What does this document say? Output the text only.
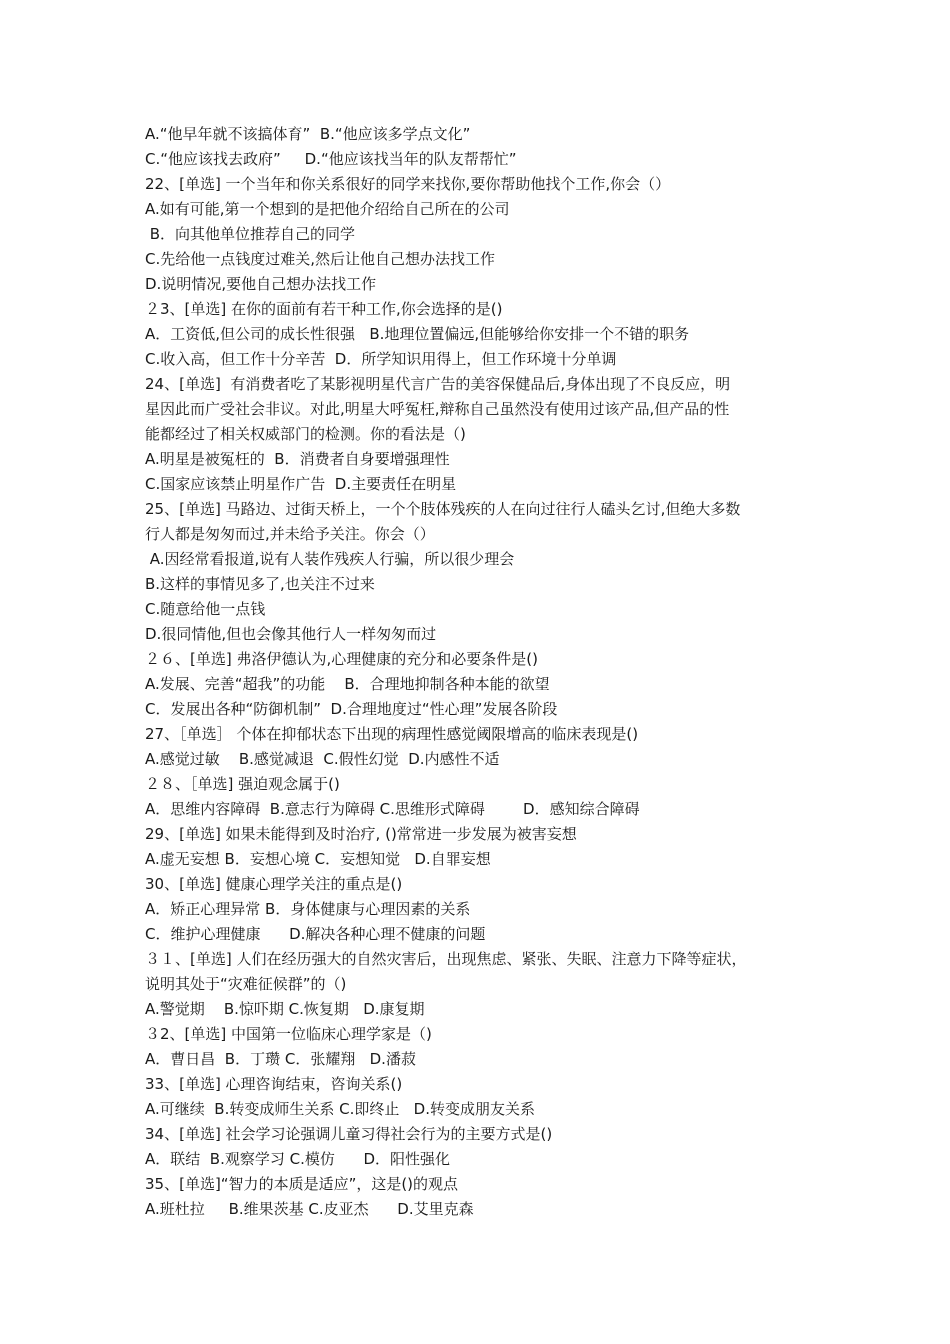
A.“他早年就不该搞体育”  B.“他应该多学点文化”
C.“他应该找去政府”     D.“他应该找当年的队友帮帮忙”
22、[单选] 一个当年和你关系很好的同学来找你,要你帮助他找个工作,你会（）
A.如有可能,第一个想到的是把他介绍给自己所在的公司
B．向其他单位推荐自己的同学
C.先给他一点钱度过难关,然后让他自己想办法找工作
D.说明情况,要他自己想办法找工作
２3、[单选] 在你的面前有若干种工作,你会选择的是()
A．工资低,但公司的成长性很强   B.地理位置偏远,但能够给你安排一个不错的职务
C.收入高，但工作十分辛苦  D．所学知识用得上，但工作环境十分单调
24、[单选]  有消费者吃了某影视明星代言广告的美容保健品后,身体出现了不良反应，明
星因此而广受社会非议。对此,明星大呼冤枉,辩称自己虽然没有使用过该产品,但产品的性
能都经过了相关权威部门的检测。你的看法是（)
A.明星是被冤枉的  B．消费者自身要增强理性
C.国家应该禁止明星作广告  D.主要责任在明星
25、[单选] 马路边、过街天桥上，一个个肢体残疾的人在向过往行人磕头乞讨,但绝大多数
行人都是匆匆而过,并未给予关注。你会（）
A.因经常看报道,说有人装作残疾人行骗，所以很少理会
B.这样的事情见多了,也关注不过来
C.随意给他一点钱
D.很同情他,但也会像其他行人一样匆匆而过
２６、[单选] 弗洛伊德认为,心理健康的充分和必要条件是()
A.发展、完善“超我”的功能    B．合理地抑制各种本能的欲望
C．发展出各种“防御机制”  D.合理地度过“性心理”发展各阶段
27、［单选］ 个体在抑郁状态下出现的病理性感觉阈限增高的临床表现是()
A.感觉过敏    B.感觉减退  C.假性幻觉  D.内感性不适
２８、［单选] 强迫观念属于()
A．思维内容障碍  B.意志行为障碍 C.思维形式障碍        D．感知综合障碍
29、[单选] 如果未能得到及时治疗, ()常常进一步发展为被害妄想
A.虚无妄想 B．妄想心境 C．妄想知觉   D.自罪妄想
30、[单选] 健康心理学关注的重点是()
A．矫正心理异常 B．身体健康与心理因素的关系
C．维护心理健康      D.解决各种心理不健康的问题
３１、[单选] 人们在经历强大的自然灾害后，出现焦虑、紧张、失眠、注意力下降等症状，
说明其处于“灾难征候群”的（)
A.警觉期    B.惊吓期 C.恢复期   D.康复期
３2、[单选] 中国第一位临床心理学家是（)
A．曹日昌  B．丁瓒 C．张耀翔   D.潘菽
33、[单选] 心理咨询结束，咨询关系()
A.可继续  B.转变成师生关系 C.即终止   D.转变成朋友关系
34、[单选] 社会学习论强调儿童习得社会行为的主要方式是()
A．联结  B.观察学习 C.模仿      D．阳性强化
35、[单选]“智力的本质是适应”，这是()的观点
A.班杜拉     B.维果茨基 C.皮亚杰      D.艾里克森
